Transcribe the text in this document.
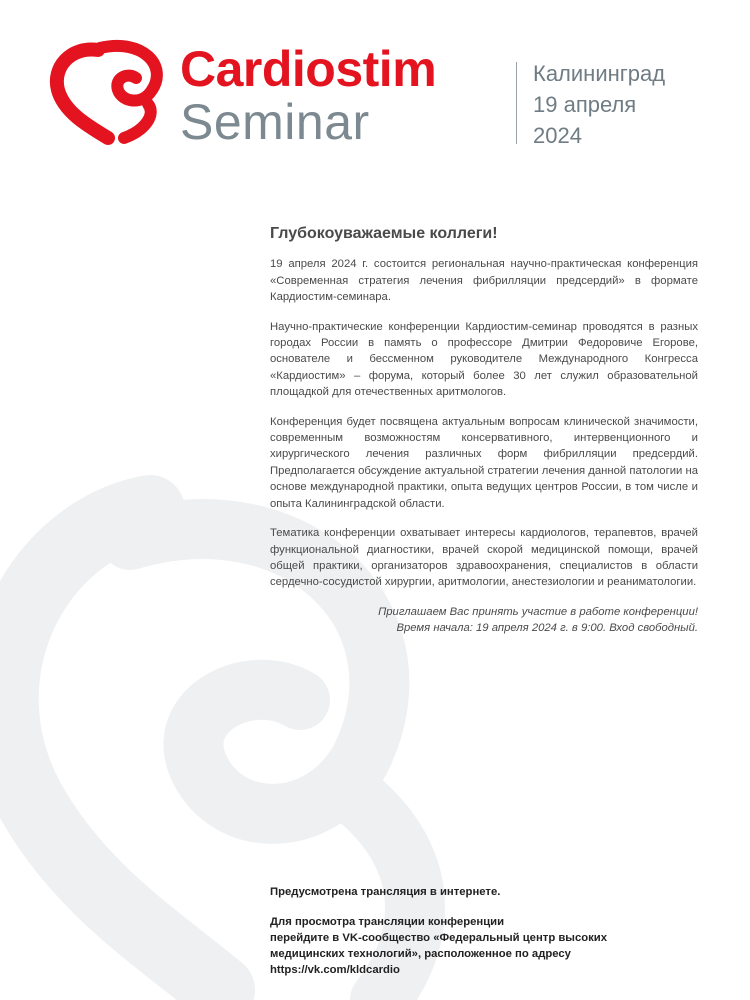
Cardiostim
Seminar
Калининград
19 апреля
2024
Глубокоуважаемые коллеги!

19 апреля 2024 г. состоится региональная научно-практическая конференция «Современная стратегия лечения фибрилляции предсердий» в формате Кардиостим-семинара.

Научно-практические конференции Кардиостим-семинар проводятся в разных городах России в память о профессоре Дмитрии Федоровиче Егорове, основателе и бессменном руководителе Международного Конгресса «Кардиостим» – форума, который более 30 лет служил образовательной площадкой для отечественных аритмологов.

Конференция будет посвящена актуальным вопросам клинической значимости, современным возможностям консервативного, интервенционного и хирургического лечения различных форм фибрилляции предсердий. Предполагается обсуждение актуальной стратегии лечения данной патологии на основе международной практики, опыта ведущих центров России, в том числе и опыта Калининградской области.

Тематика конференции охватывает интересы кардиологов, терапевтов, врачей функциональной диагностики, врачей скорой медицинской помощи, врачей общей практики, организаторов здравоохранения, специалистов в области сердечно-сосудистой хирургии, аритмологии, анестезиологии и реаниматологии.

Приглашаем Вас принять участие в работе конференции!
Время начала: 19 апреля 2024 г. в 9:00. Вход свободный.
Предусмотрена трансляция в интернете.
Для просмотра трансляции конференции
перейдите в VK-сообщество «Федеральный центр высоких
медицинских технологий», расположенное по адресу
https://vk.com/kldcardio
